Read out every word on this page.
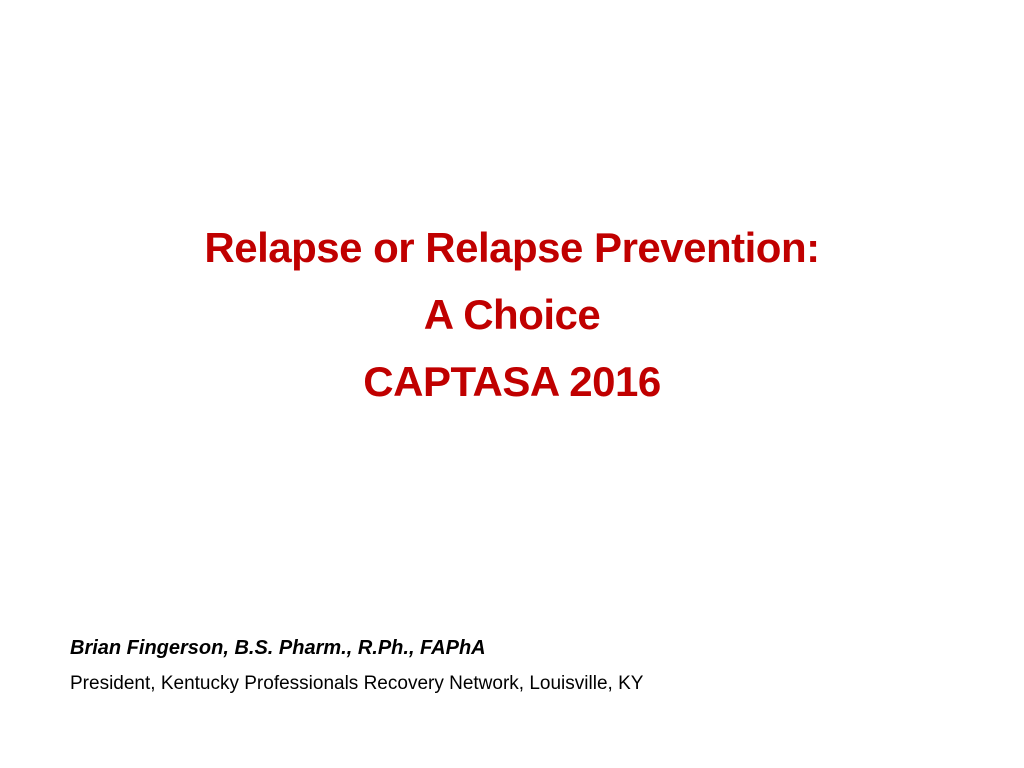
Relapse or Relapse Prevention:
A Choice
CAPTASA 2016
Brian Fingerson, B.S. Pharm., R.Ph., FAPhA
President, Kentucky Professionals Recovery Network, Louisville, KY
